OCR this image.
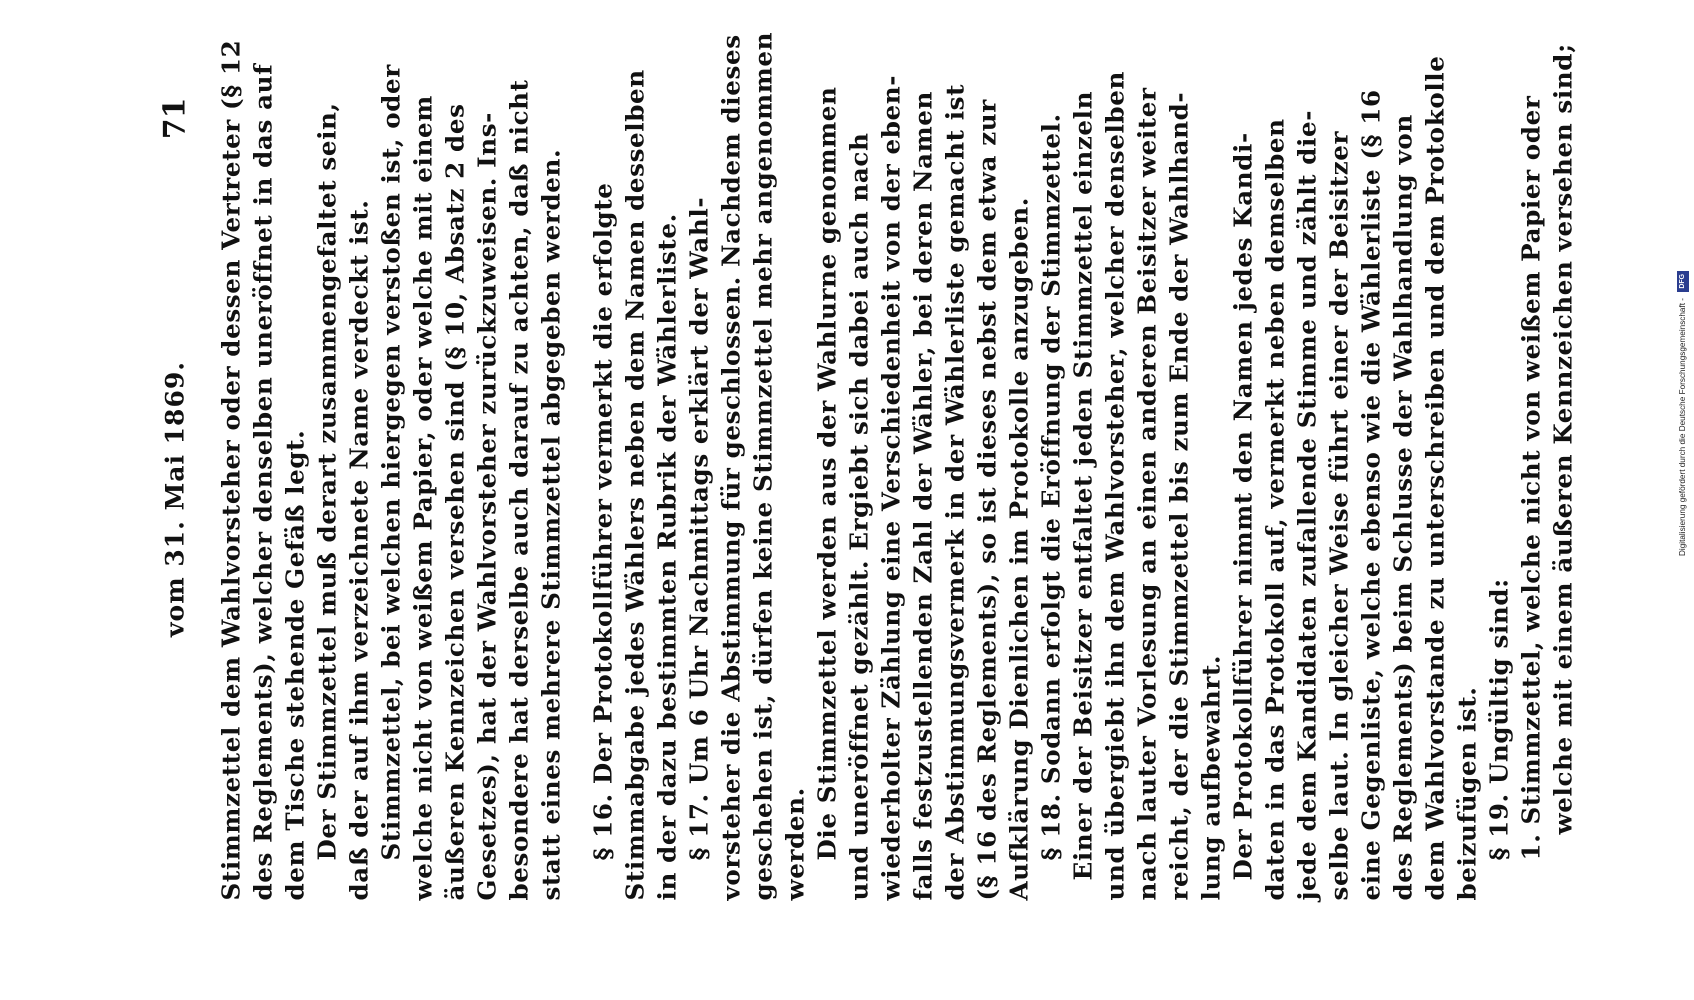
vom 31. Mai 1869.
71 Stimmzettel dem Wahlvorsteher oder dessen Vertreter (§ 12 des Reglements), welcher denselben uneröffnet in das auf dem Tische stehende Gefäß legt. Der Stimmzettel muß derart zusammengefaltet sein, daß der auf ihm verzeichnete Name verdeckt ist. Stimmzettel, bei welchen hiergegen verstoßen ist, oder welche nicht von weißem Papier, oder welche mit einem äußeren Kennzeichen versehen sind (§ 10, Absatz 2 des Gesetzes), hat der Wahlvorsteher zurückzuweisen. Ins- besondere hat derselbe auch darauf zu achten, daß nicht statt eines mehrere Stimmzettel abgegeben werden. § 16. Der Protokollführer vermerkt die erfolgte Stimmabgabe jedes Wählers neben dem Namen desselben in der dazu bestimmten Rubrik der Wählerliste. § 17. Um 6 Uhr Nachmittags erklärt der Wahl- vorsteher die Abstimmung für geschlossen. Nachdem dieses geschehen ist, dürfen keine Stimmzettel mehr angenommen werden. Die Stimmzettel werden aus der Wahlurne genommen und uneröffnet gezählt. Ergiebt sich dabei auch nach wiederholter Zählung eine Verschiedenheit von der eben- falls festzustellenden Zahl der Wähler, bei deren Namen der Abstimmungsvermerk in der Wählerliste gemacht ist (§ 16 des Reglements), so ist dieses nebst dem etwa zur Aufklärung Dienlichen im Protokolle anzugeben. § 18. Sodann erfolgt die Eröffnung der Stimmzettel. Einer der Beisitzer entfaltet jeden Stimmzettel einzeln und übergiebt ihn dem Wahlvorsteher, welcher denselben nach lauter Vorlesung an einen anderen Beisitzer weiter reicht, der die Stimmzettel bis zum Ende der Wahlhand- lung aufbewahrt. Der Protokollführer nimmt den Namen jedes Kandi- daten in das Protokoll auf, vermerkt neben demselben jede dem Kandidaten zufallende Stimme und zählt die- selbe laut. In gleicher Weise führt einer der Beisitzer eine Gegenliste, welche ebenso wie die Wählerliste (§ 16 des Reglements) beim Schlusse der Wahlhandlung von dem Wahlvorstande zu unterschreiben und dem Protokolle beizufügen ist. § 19. Ungültig sind: 1. Stimmzettel, welche nicht von weißem Papier oder welche mit einem äußeren Kennzeichen versehen sind;	Digitalisierung gefördert durch die Deutsche Forschungsgemeinschaft - DFG
